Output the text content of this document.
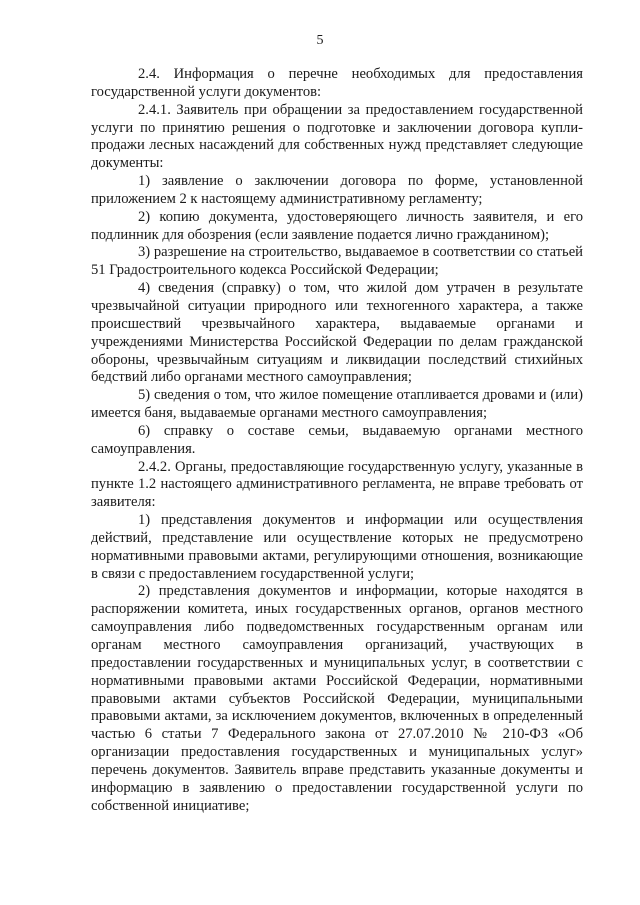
5

2.4. Информация о перечне необходимых для предоставления государственной услуги документов:

2.4.1. Заявитель при обращении за предоставлением государственной услуги по принятию решения о подготовке и заключении договора купли-продажи лесных насаждений для собственных нужд представляет следующие документы:

1) заявление о заключении договора по форме, установленной приложением 2 к настоящему административному регламенту;

2) копию документа, удостоверяющего личность заявителя, и его подлинник для обозрения (если заявление подается лично гражданином);

3) разрешение на строительство, выдаваемое в соответствии со статьей 51 Градостроительного кодекса Российской Федерации;

4) сведения (справку) о том, что жилой дом утрачен в результате чрезвычайной ситуации природного или техногенного характера, а также происшествий чрезвычайного характера, выдаваемые органами и учреждениями Министерства Российской Федерации по делам гражданской обороны, чрезвычайным ситуациям и ликвидации последствий стихийных бедствий либо органами местного самоуправления;

5) сведения о том, что жилое помещение отапливается дровами и (или) имеется баня, выдаваемые органами местного самоуправления;

6) справку о составе семьи, выдаваемую органами местного самоуправления.

2.4.2. Органы, предоставляющие государственную услугу, указанные в пункте 1.2 настоящего административного регламента, не вправе требовать от заявителя:

1) представления документов и информации или осуществления действий, представление или осуществление которых не предусмотрено нормативными правовыми актами, регулирующими отношения, возникающие в связи с предоставлением государственной услуги;

2) представления документов и информации, которые находятся в распоряжении комитета, иных государственных органов, органов местного самоуправления либо подведомственных государственным органам или органам местного самоуправления организаций, участвующих в предоставлении государственных и муниципальных услуг, в соответствии с нормативными правовыми актами Российской Федерации, нормативными правовыми актами субъектов Российской Федерации, муниципальными правовыми актами, за исключением документов, включенных в определенный частью 6 статьи 7 Федерального закона от 27.07.2010 № 210-ФЗ «Об организации предоставления государственных и муниципальных услуг» перечень документов. Заявитель вправе представить указанные документы и информацию в заявлению о предоставлении государственной услуги по собственной инициативе;
